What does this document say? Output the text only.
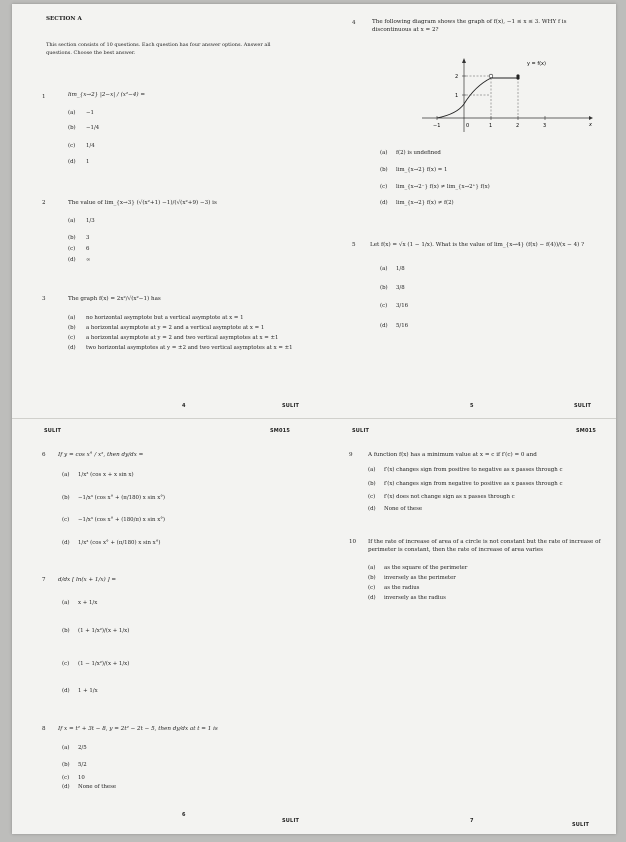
SECTION A
This section consists of 10 questions. Each question has four answer options. Answer all questions. Choose the best answer.
1	lim_{x→2} |2−x| / (x²−4) =
(a) −1
(b) −1/4
(c) 1/4
(d) 1
2	The value of lim_{x→3} (√(x²+1) −1)/(√(x²+9) −3) is
(a) 1/3
(b) 3
(c) 6
(d) ∞
3	The graph f(x) = 2x²/√(x²−1) has
(a) no horizontal asymptote but a vertical asymptote at x = 1
(b) a horizontal asymptote at y = 2 and a vertical asymptote at x = 1
(c) a horizontal asymptote at y = 2 and two vertical asymptotes at x = ±1
(d) two horizontal asymptotes at y = ±2 and two vertical asymptotes at x = ±1
4	The following diagram shows the graph of f(x), −1 ≤ x ≤ 3. WHY f is discontinuous at x = 2?
y = f(x)
1
2
−1	0	1	2	3	x
(a) f(2) is undefined
(b) lim_{x→2} f(x) = 1
(c) lim_{x→2⁻} f(x) ≠ lim_{x→2⁺} f(x)
(d) lim_{x→2} f(x) ≠ f(2)
5	Let f(x) = √x (1 − 1/x). What is the value of lim_{x→4} (f(x) − f(4))/(x − 4) ?
(a) 1/8
(b) 3/8
(c) 3/16
(d) 5/16
4	SULIT	5	SULIT
SULIT	SM015	SULIT	SM015
6 If y = cos x° / x², then dy/dx =
(a) 1/x³ (cos x + x sin x)
(b) −1/x³ (cos x° + (π/180) x sin x°)
(c) −1/x³ (cos x° + (180/π) x sin x°)
(d) 1/x³ (cos x° + (π/180) x sin x°)
7 d/dx [ ln(x + 1/x) ] =
(a) x + 1/x
(b) (1 + 1/x²)/(x + 1/x)
(c) (1 − 1/x²)/(x + 1/x)
(d) 1 + 1/x
8 If x = t² + 3t − 8, y = 2t² − 2t − 5, then dy/dx at t = 1 is
(a) 2/5
(b) 5/2
(c) 10
(d) None of these
9	A function f(x) has a minimum value at x = c if f′(c) = 0 and
(a) f′(x) changes sign from positive to negative as x passes through c
(b) f′(x) changes sign from negative to positive as x passes through c
(c) f′(x) does not change sign as x passes through c
(d) None of these
10 If the rate of increase of area of a circle is not constant but the rate of increase of perimeter is constant, then the rate of increase of area varies
(a) as the square of the perimeter
(b) inversely as the perimeter
(c) as the radius
(d) inversely as the radius
6
SULIT	7
SULIT
